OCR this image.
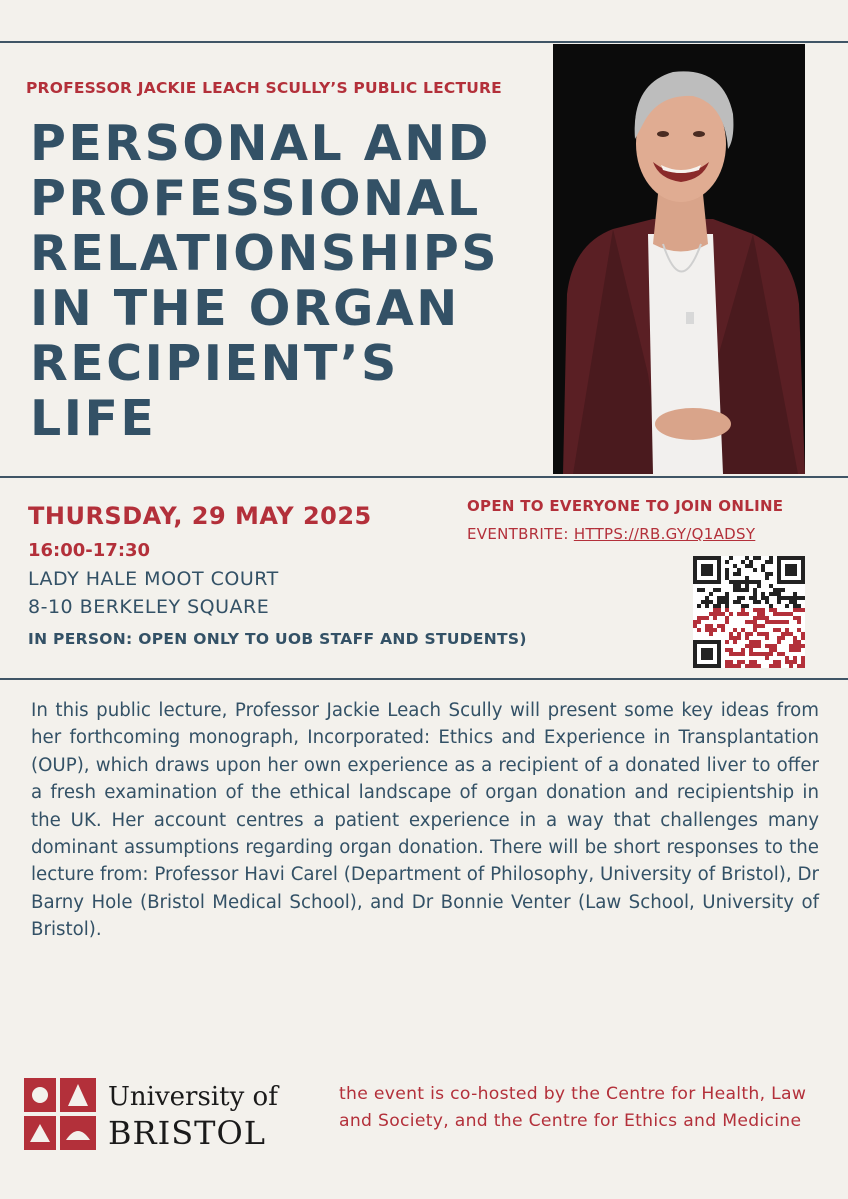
PROFESSOR JACKIE LEACH SCULLY’S PUBLIC LECTURE
PERSONAL AND
PROFESSIONAL
RELATIONSHIPS
IN THE ORGAN
RECIPIENT’S
LIFE
THURSDAY, 29 MAY 2025
16:00-17:30
LADY HALE MOOT COURT
8-10 BERKELEY SQUARE
IN PERSON: OPEN ONLY TO UOB STAFF AND STUDENTS)
OPEN TO EVERYONE TO JOIN ONLINE
EVENTBRITE: HTTPS://RB.GY/Q1ADSY
In this public lecture, Professor Jackie Leach Scully will present some key ideas from her forthcoming monograph, Incorporated: Ethics and Experience in Transplantation (OUP), which draws upon her own experience as a recipient of a donated liver to offer a fresh examination of the ethical landscape of organ donation and recipientship in the UK. Her account centres a patient experience in a way that challenges many dominant assumptions regarding organ donation. There will be short responses to the lecture from: Professor Havi Carel (Department of Philosophy, University of Bristol), Dr Barny Hole (Bristol Medical School), and Dr Bonnie Venter (Law School, University of Bristol).
University of
BRISTOL
the event is co-hosted by the Centre for Health, Law and Society, and the Centre for Ethics and Medicine
